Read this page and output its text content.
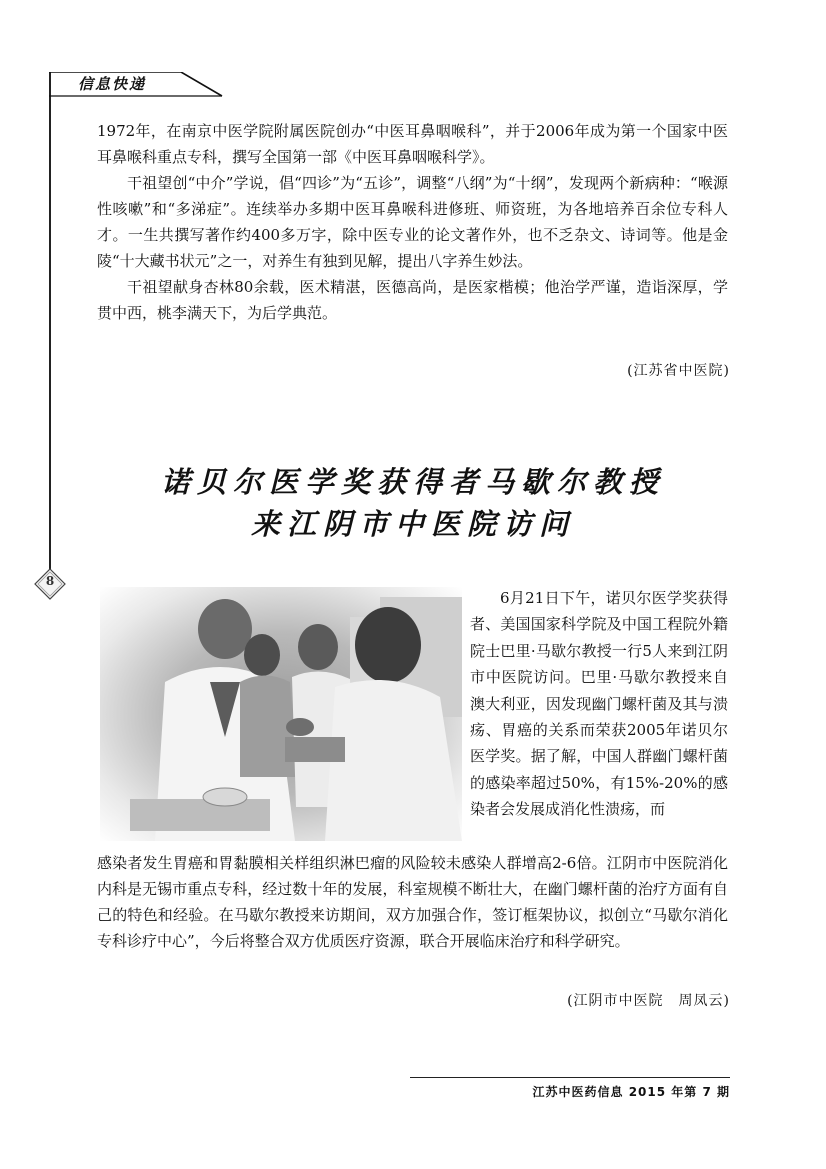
信息快递
8

1972年，在南京中医学院附属医院创办“中医耳鼻咽喉科”，并于2006年成为第一个国家中医耳鼻喉科重点专科，撰写全国第一部《中医耳鼻咽喉科学》。

干祖望创“中介”学说，倡“四诊”为“五诊”，调整“八纲”为“十纲”，发现两个新病种：“喉源性咳嗽”和“多涕症”。连续举办多期中医耳鼻喉科进修班、师资班，为各地培养百余位专科人才。一生共撰写著作约400多万字，除中医专业的论文著作外，也不乏杂文、诗词等。他是金陵“十大藏书状元”之一，对养生有独到见解，提出八字养生妙法。

干祖望献身杏林80余载，医术精湛，医德高尚，是医家楷模；他治学严谨，造诣深厚，学贯中西，桃李满天下，为后学典范。

(江苏省中医院)
诺贝尔医学奖获得者马歇尔教授
来江阴市中医院访问

6月21日下午，诺贝尔医学奖获得者、美国国家科学院及中国工程院外籍院士巴里·马歇尔教授一行5人来到江阴市中医院访问。巴里·马歇尔教授来自澳大利亚，因发现幽门螺杆菌及其与溃疡、胃癌的关系而荣获2005年诺贝尔医学奖。据了解，中国人群幽门螺杆菌的感染率超过50%，有15%-20%的感染者会发展成消化性溃疡，而

感染者发生胃癌和胃黏膜相关样组织淋巴瘤的风险较未感染人群增高2-6倍。江阴市中医院消化内科是无锡市重点专科，经过数十年的发展，科室规模不断壮大，在幽门螺杆菌的治疗方面有自己的特色和经验。在马歇尔教授来访期间，双方加强合作，签订框架协议，拟创立“马歇尔消化专科诊疗中心”，今后将整合双方优质医疗资源，联合开展临床治疗和科学研究。

(江阴市中医院　周凤云)
江苏中医药信息 2015 年第 7 期
